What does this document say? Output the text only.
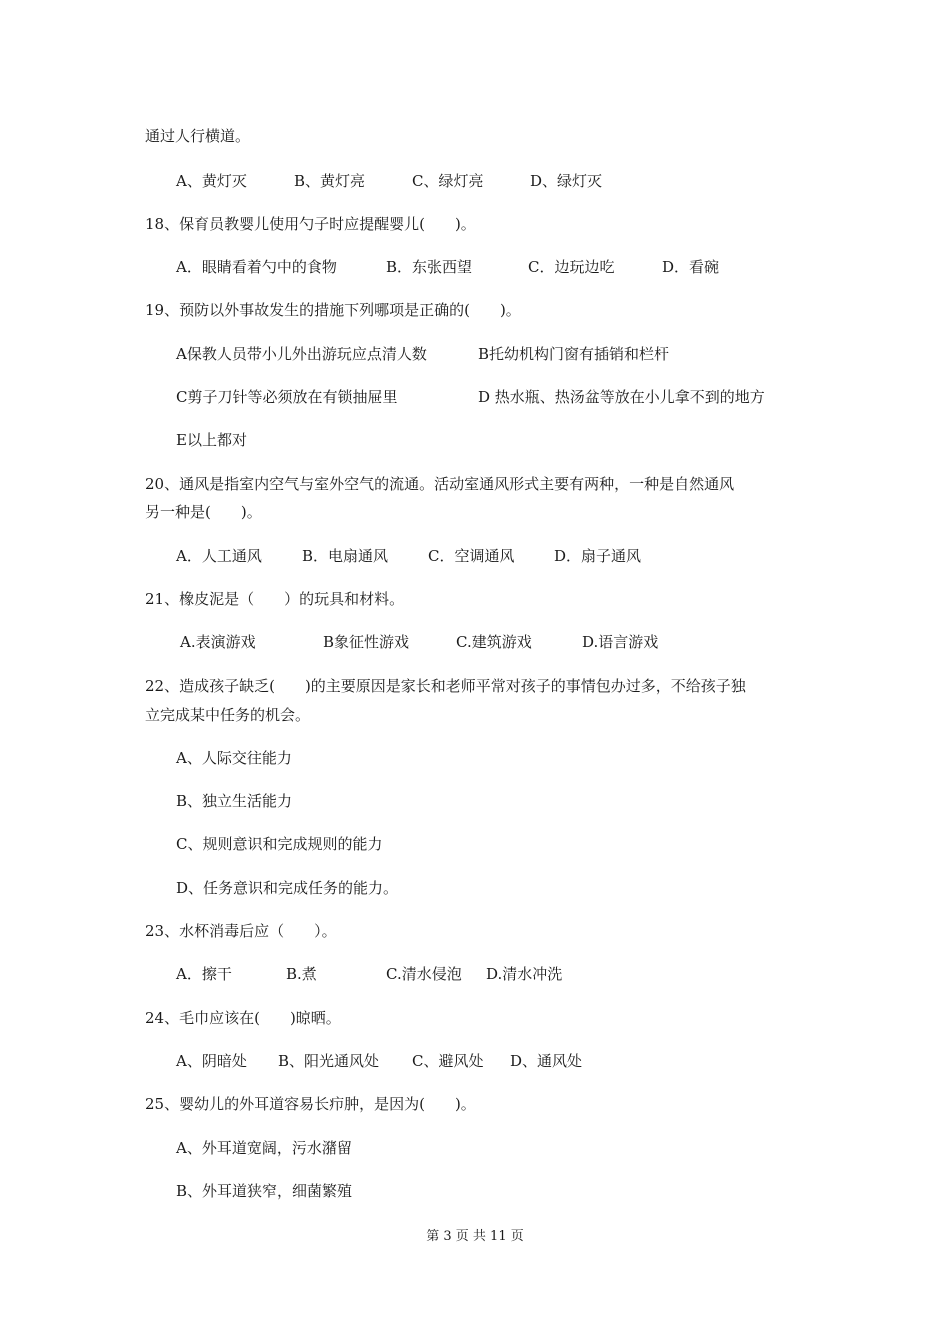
通过人行横道。
A、黄灯灭	B、黄灯亮	C、绿灯亮	D、绿灯灭
18、保育员教婴儿使用勺子时应提醒婴儿(　　)。
A．眼睛看着勺中的食物	B．东张西望	C．边玩边吃	D．看碗
19、预防以外事故发生的措施下列哪项是正确的(　　)。
A保教人员带小儿外出游玩应点清人数	B托幼机构门窗有插销和栏杆
C剪子刀针等必须放在有锁抽屉里	D 热水瓶、热汤盆等放在小儿拿不到的地方
E以上都对
20、通风是指室内空气与室外空气的流通。活动室通风形式主要有两种，一种是自然通风
另一种是(　　)。
A．人工通风	B．电扇通风	C．空调通风	D．扇子通风
21、橡皮泥是（　　）的玩具和材料。
A.表演游戏	B象征性游戏	C.建筑游戏	D.语言游戏
22、造成孩子缺乏(　　)的主要原因是家长和老师平常对孩子的事情包办过多，不给孩子独
立完成某中任务的机会。
A、人际交往能力
B、独立生活能力
C、规则意识和完成规则的能力
D、任务意识和完成任务的能力。
23、水杯消毒后应（　　）。
A．擦干	B.煮	C.清水侵泡 D.清水冲洗
24、毛巾应该在(　　)晾晒。
A、阴暗处 B、阳光通风处 C、避风处 D、通风处
25、婴幼儿的外耳道容易长疖肿，是因为(　　)。
A、外耳道宽阔，污水潴留
B、外耳道狭窄，细菌繁殖
第 3 页 共 11 页
